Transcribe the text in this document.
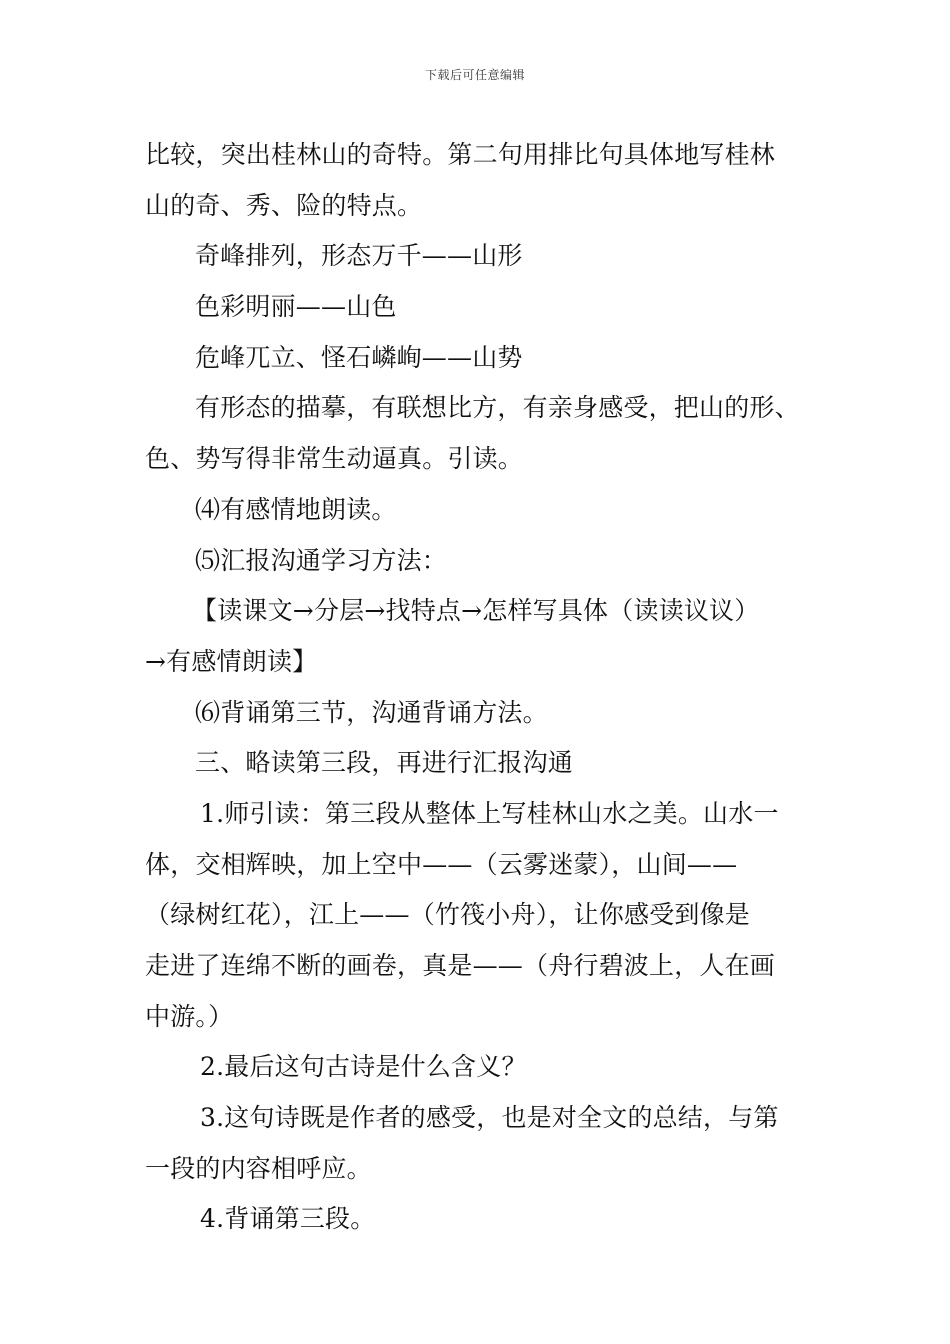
下载后可任意编辑
比较，突出桂林山的奇特。第二句用排比句具体地写桂林
山的奇、秀、险的特点。
奇峰排列，形态万千——山形
色彩明丽——山色
危峰兀立、怪石嶙峋——山势
有形态的描摹，有联想比方，有亲身感受，把山的形、
色、势写得非常生动逼真。引读。
⑷有感情地朗读。
⑸汇报沟通学习方法：
【读课文→分层→找特点→怎样写具体（读读议议）
→有感情朗读】
⑹背诵第三节，沟通背诵方法。
三、略读第三段，再进行汇报沟通
1.师引读：第三段从整体上写桂林山水之美。山水一
体，交相辉映，加上空中——（云雾迷蒙），山间——
（绿树红花），江上——（竹筏小舟），让你感受到像是
走进了连绵不断的画卷，真是——（舟行碧波上，人在画
中游。）
2.最后这句古诗是什么含义？
3.这句诗既是作者的感受，也是对全文的总结，与第
一段的内容相呼应。
4.背诵第三段。
